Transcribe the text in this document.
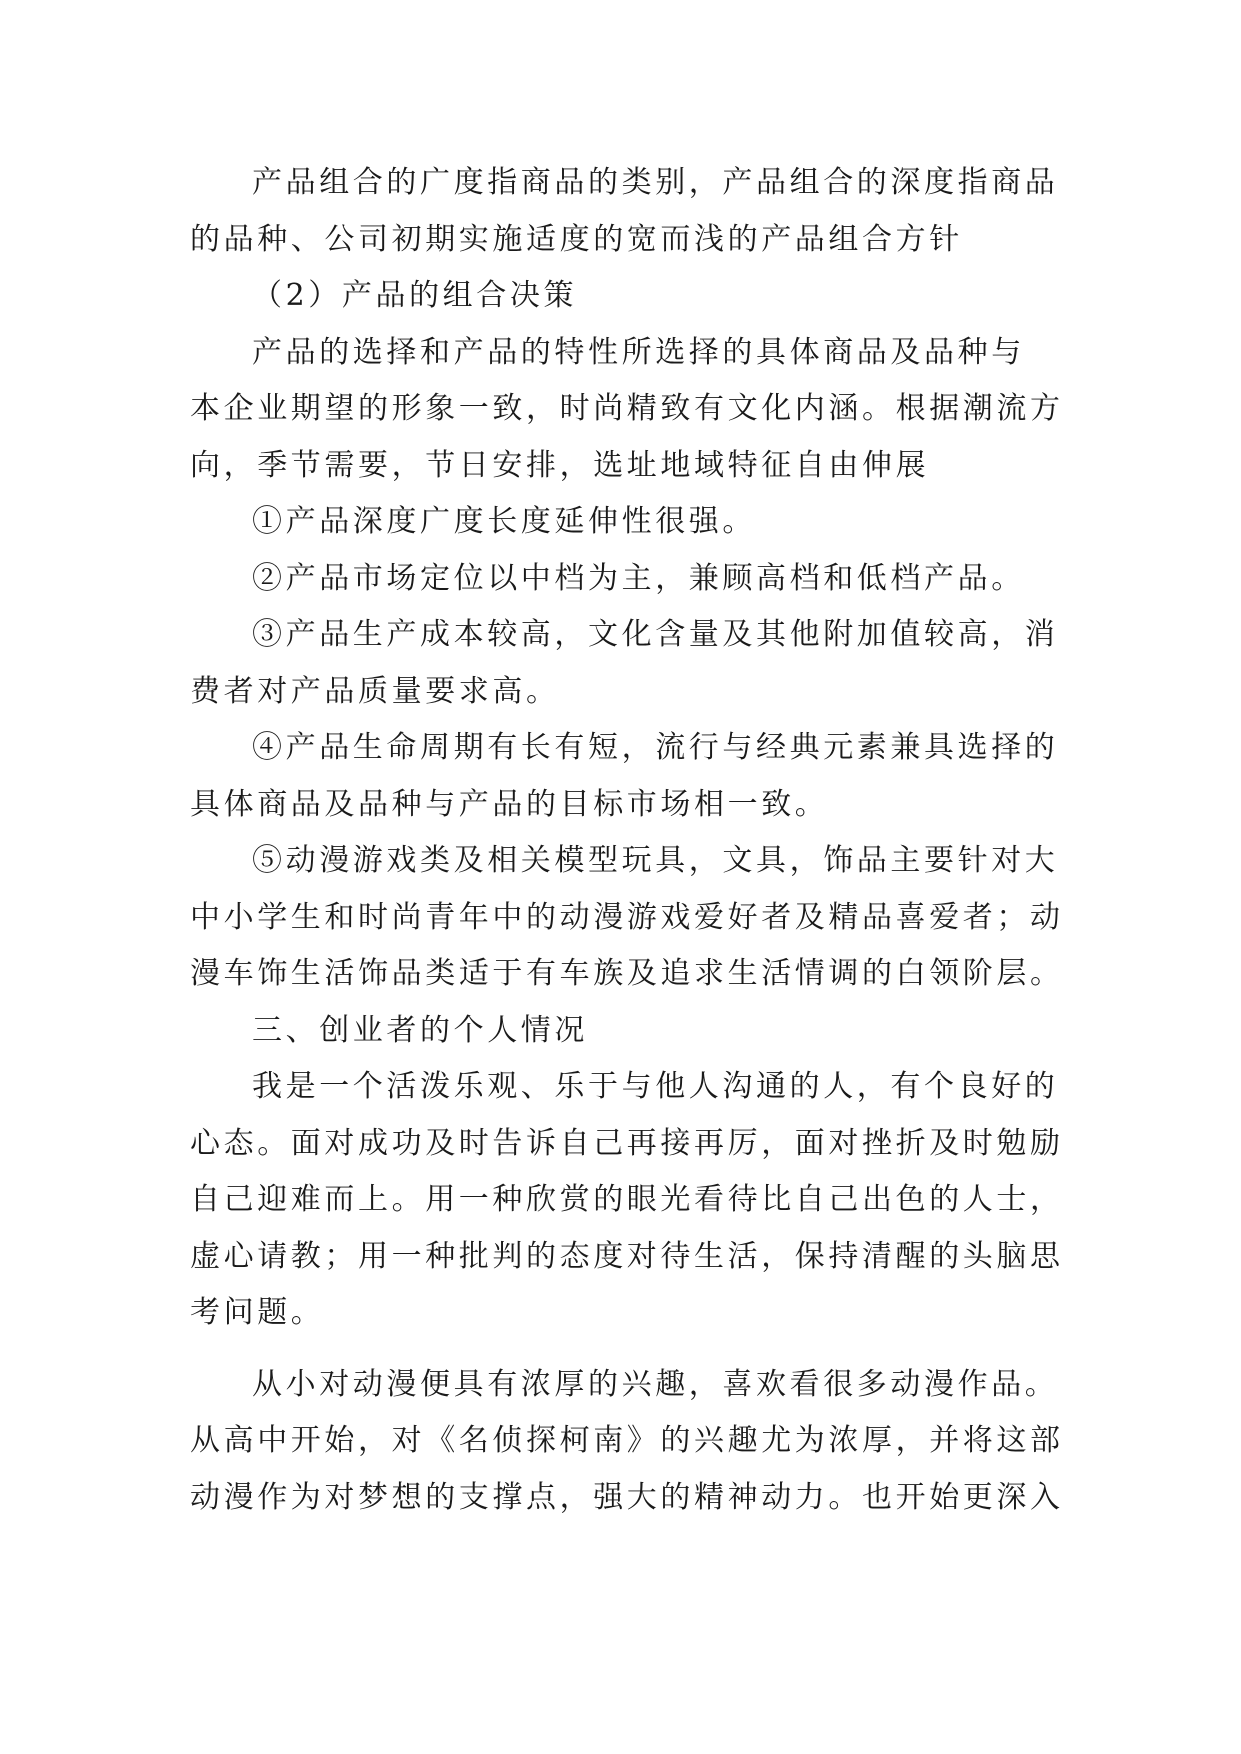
产品组合的广度指商品的类别，产品组合的深度指商品
的品种、公司初期实施适度的宽而浅的产品组合方针
（2）产品的组合决策
产品的选择和产品的特性所选择的具体商品及品种与
本企业期望的形象一致，时尚精致有文化内涵。根据潮流方
向，季节需要，节日安排，选址地域特征自由伸展
①产品深度广度长度延伸性很强。
②产品市场定位以中档为主，兼顾高档和低档产品。
③产品生产成本较高，文化含量及其他附加值较高，消
费者对产品质量要求高。
④产品生命周期有长有短，流行与经典元素兼具选择的
具体商品及品种与产品的目标市场相一致。
⑤动漫游戏类及相关模型玩具，文具，饰品主要针对大
中小学生和时尚青年中的动漫游戏爱好者及精品喜爱者；动
漫车饰生活饰品类适于有车族及追求生活情调的白领阶层。
三、创业者的个人情况
我是一个活泼乐观、乐于与他人沟通的人，有个良好的
心态。面对成功及时告诉自己再接再厉，面对挫折及时勉励
自己迎难而上。用一种欣赏的眼光看待比自己出色的人士，
虚心请教；用一种批判的态度对待生活，保持清醒的头脑思
考问题。
从小对动漫便具有浓厚的兴趣，喜欢看很多动漫作品。
从高中开始，对《名侦探柯南》的兴趣尤为浓厚，并将这部
动漫作为对梦想的支撑点，强大的精神动力。也开始更深入
